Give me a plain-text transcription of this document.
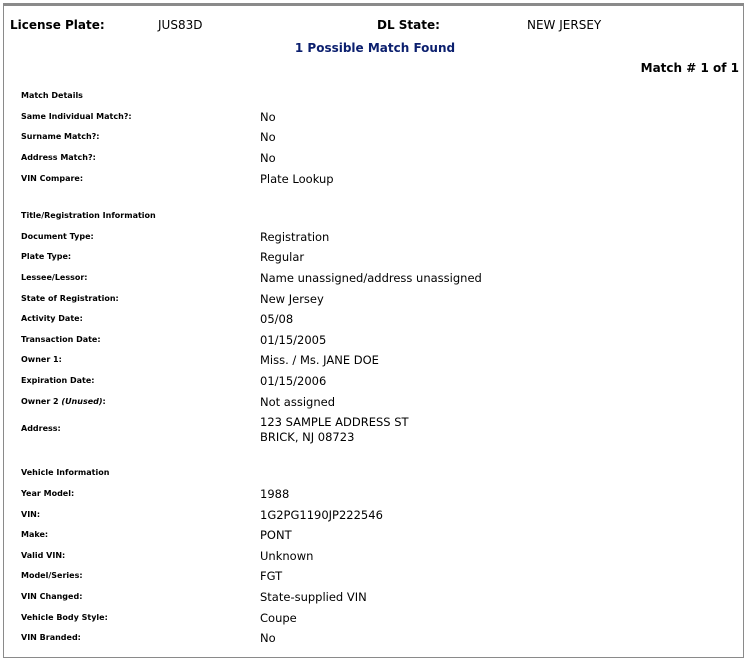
License Plate:	JUS83D	DL State:	NEW JERSEY
1 Possible Match Found
Match # 1 of 1
Match Details
Same Individual Match?:	No
Surname Match?:	No
Address Match?:	No
VIN Compare:	Plate Lookup
Title/Registration Information
Document Type:	Registration
Plate Type:	Regular
Lessee/Lessor:	Name unassigned/address unassigned
State of Registration:	New Jersey
Activity Date:	05/08
Transaction Date:	01/15/2005
Owner 1:	Miss. / Ms. JANE DOE
Expiration Date:	01/15/2006
Owner 2 (Unused):	Not assigned
Address:	123 SAMPLE ADDRESS ST
BRICK, NJ 08723
Vehicle Information
Year Model:	1988
VIN:	1G2PG1190JP222546
Make:	PONT
Valid VIN:	Unknown
Model/Series:	FGT
VIN Changed:	State-supplied VIN
Vehicle Body Style:	Coupe
VIN Branded:	No
